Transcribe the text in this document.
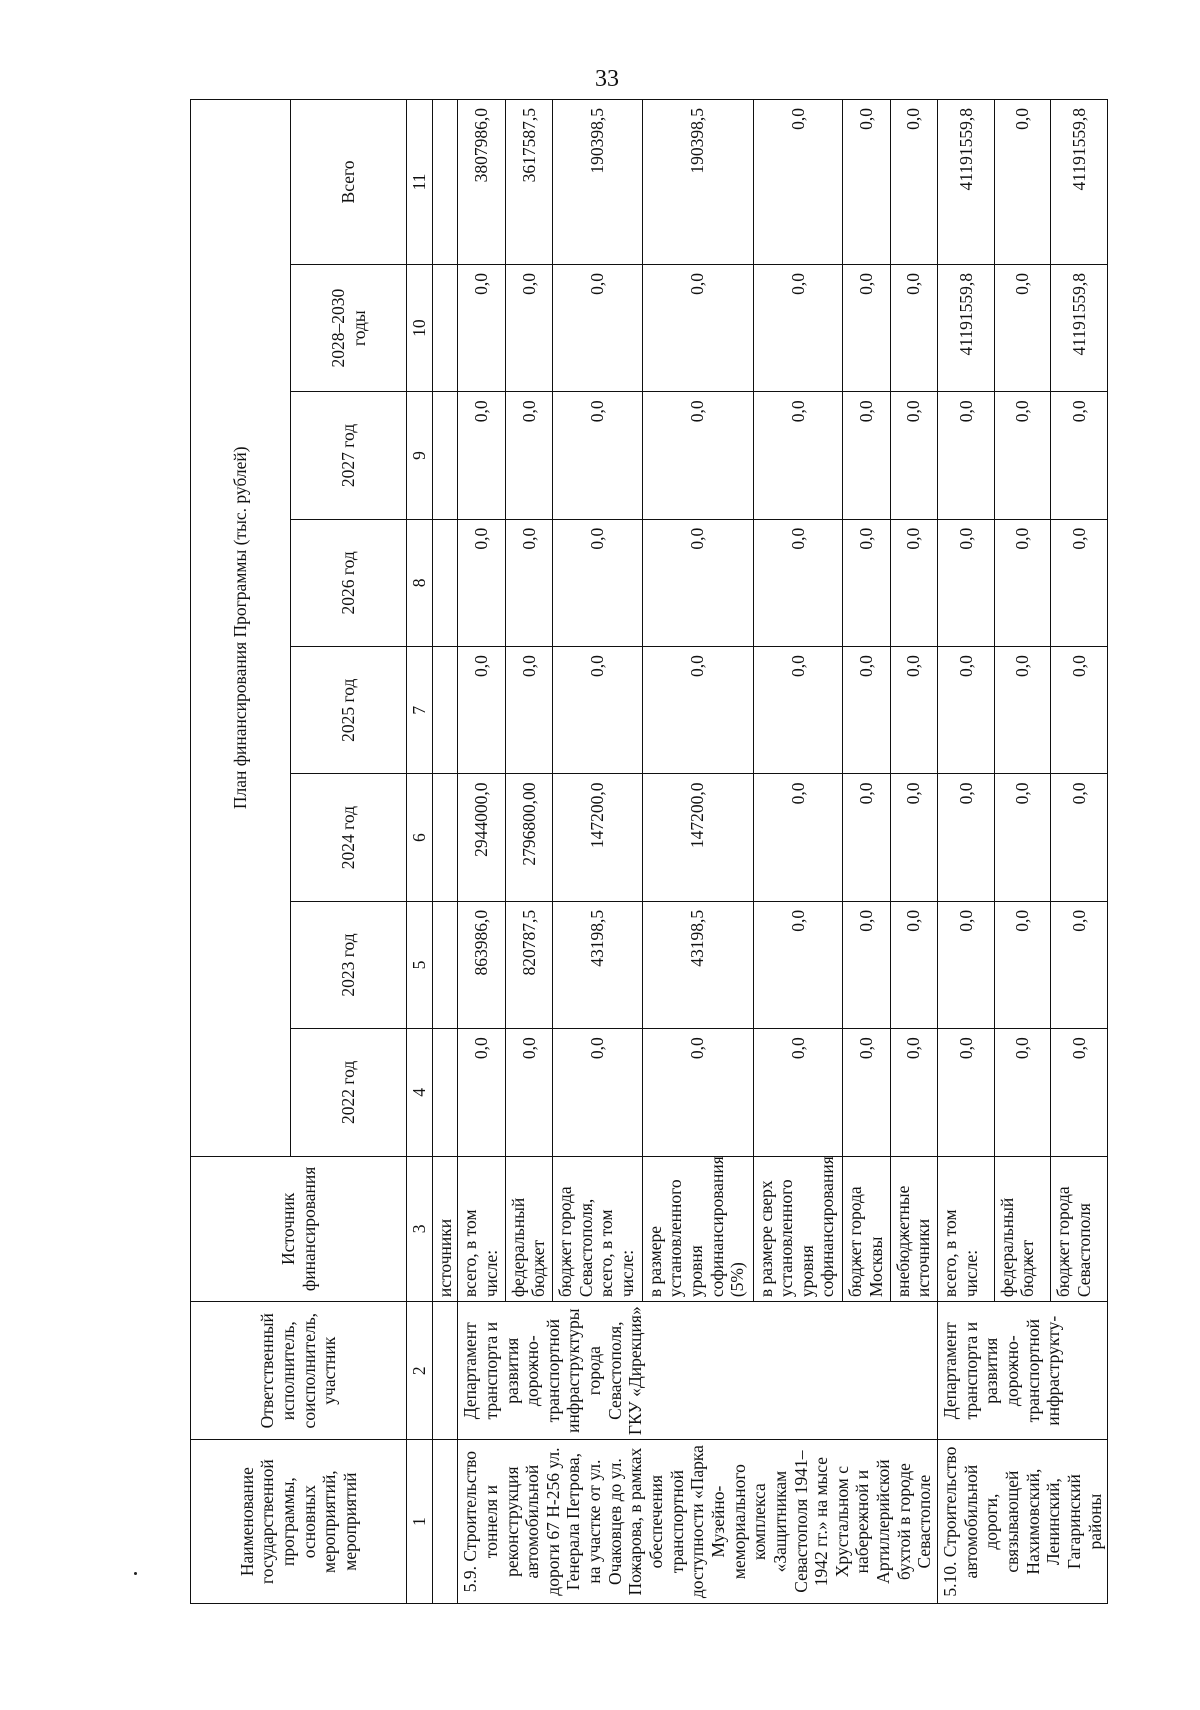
33
Наименование государственной программы, основных мероприятий, мероприятий	Ответственный исполнитель, соисполнитель, участник	Источник финансирования	План финансирования Программы (тыс. рублей)							
			2022 год	2023 год	2024 год	2025 год	2026 год	2027 год	2028–2030 годы	Всего
1	2	3	4	5	6	7	8	9	10	11
		источники								
5.9. Строительство тоннеля и реконструкция автомобильной дороги 67 Н-256 ул. Генерала Петрова, на участке от ул. Очаковцев до ул. Пожарова, в рамках обеспечения транспортной доступности «Парка Музейно-мемориального комплекса «Защитникам Севастополя 1941–1942 гг.» на мысе Хрустальном с набережной и Артиллерийской бухтой в городе Севастополе	Департамент транспорта и развития дорожно-транспортной инфраструктуры города Севастополя, ГКУ «Дирекция»	всего, в том числе:	0,0	863986,0	2944000,0	0,0	0,0	0,0	0,0	3807986,0
		федеральный бюджет	0,0	820787,5	2796800,00	0,0	0,0	0,0	0,0	3617587,5
		бюджет города Севастополя, всего, в том числе:	0,0	43198,5	147200,0	0,0	0,0	0,0	0,0	190398,5
		в размере установленного уровня софинансирования (5%)	0,0	43198,5	147200,0	0,0	0,0	0,0	0,0	190398,5
		в размере сверх установленного уровня софинансирования	0,0	0,0	0,0	0,0	0,0	0,0	0,0	0,0
		бюджет города Москвы	0,0	0,0	0,0	0,0	0,0	0,0	0,0	0,0
		внебюджетные источники	0,0	0,0	0,0	0,0	0,0	0,0	0,0	0,0
5.10. Строительство автомобильной дороги, связывающей Нахимовский, Ленинский, Гагаринский районы	Департамент транспорта и развития дорожно-транспортной инфраструкту-	всего, в том числе:	0,0	0,0	0,0	0,0	0,0	0,0	41191559,8	41191559,8
		федеральный бюджет	0,0	0,0	0,0	0,0	0,0	0,0	0,0	0,0
		бюджет города Севастополя	0,0	0,0	0,0	0,0	0,0	0,0	41191559,8	41191559,8
